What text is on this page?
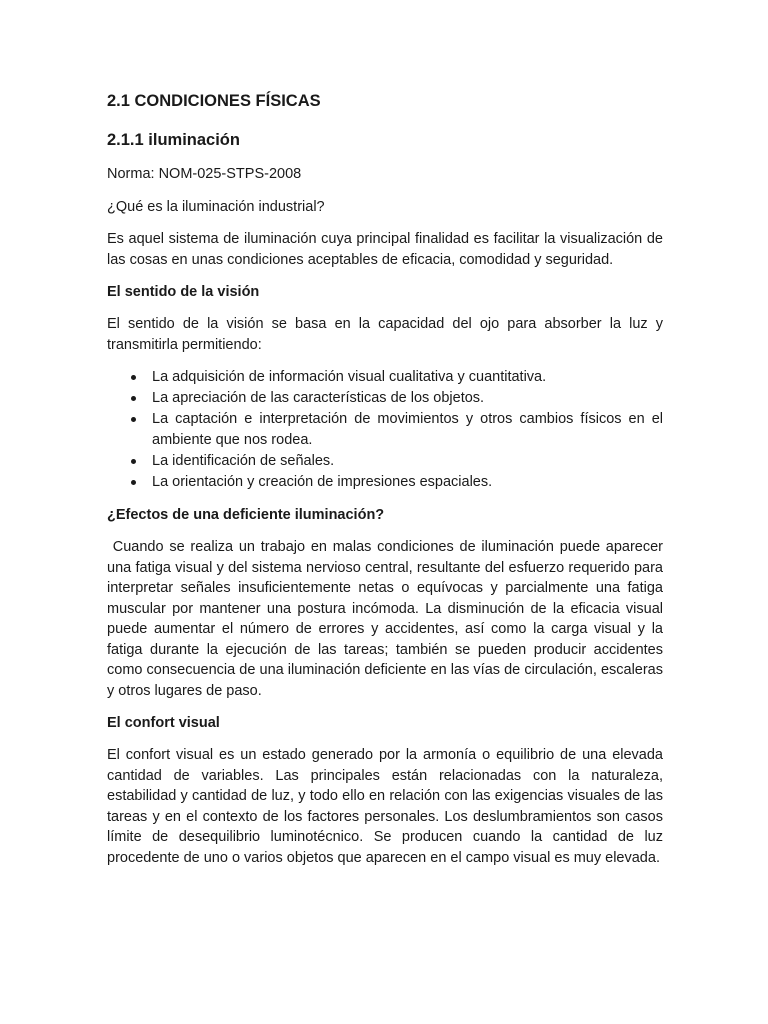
2.1 CONDICIONES FÍSICAS
2.1.1 iluminación

Norma: NOM-025-STPS-2008

¿Qué es la iluminación industrial?

Es aquel sistema de iluminación cuya principal finalidad es facilitar la visualización de las cosas en unas condiciones aceptables de eficacia, comodidad y seguridad.

El sentido de la visión

El sentido de la visión se basa en la capacidad del ojo para absorber la luz y transmitirla permitiendo:

La adquisición de información visual cualitativa y cuantitativa.
La apreciación de las características de los objetos.
La captación e interpretación de movimientos y otros cambios físicos en el ambiente que nos rodea.
La identificación de señales.
La orientación y creación de impresiones espaciales.
¿Efectos de una deficiente iluminación?

Cuando se realiza un trabajo en malas condiciones de iluminación puede aparecer una fatiga visual y del sistema nervioso central, resultante del esfuerzo requerido para interpretar señales insuficientemente netas o equívocas y parcialmente una fatiga muscular por mantener una postura incómoda. La disminución de la eficacia visual puede aumentar el número de errores y accidentes, así como la carga visual y la fatiga durante la ejecución de las tareas; también se pueden producir accidentes como consecuencia de una iluminación deficiente en las vías de circulación, escaleras y otros lugares de paso.

El confort visual

El confort visual es un estado generado por la armonía o equilibrio de una elevada cantidad de variables. Las principales están relacionadas con la naturaleza, estabilidad y cantidad de luz, y todo ello en relación con las exigencias visuales de las tareas y en el contexto de los factores personales. Los deslumbramientos son casos límite de desequilibrio luminotécnico. Se producen cuando la cantidad de luz procedente de uno o varios objetos que aparecen en el campo visual es muy elevada.
